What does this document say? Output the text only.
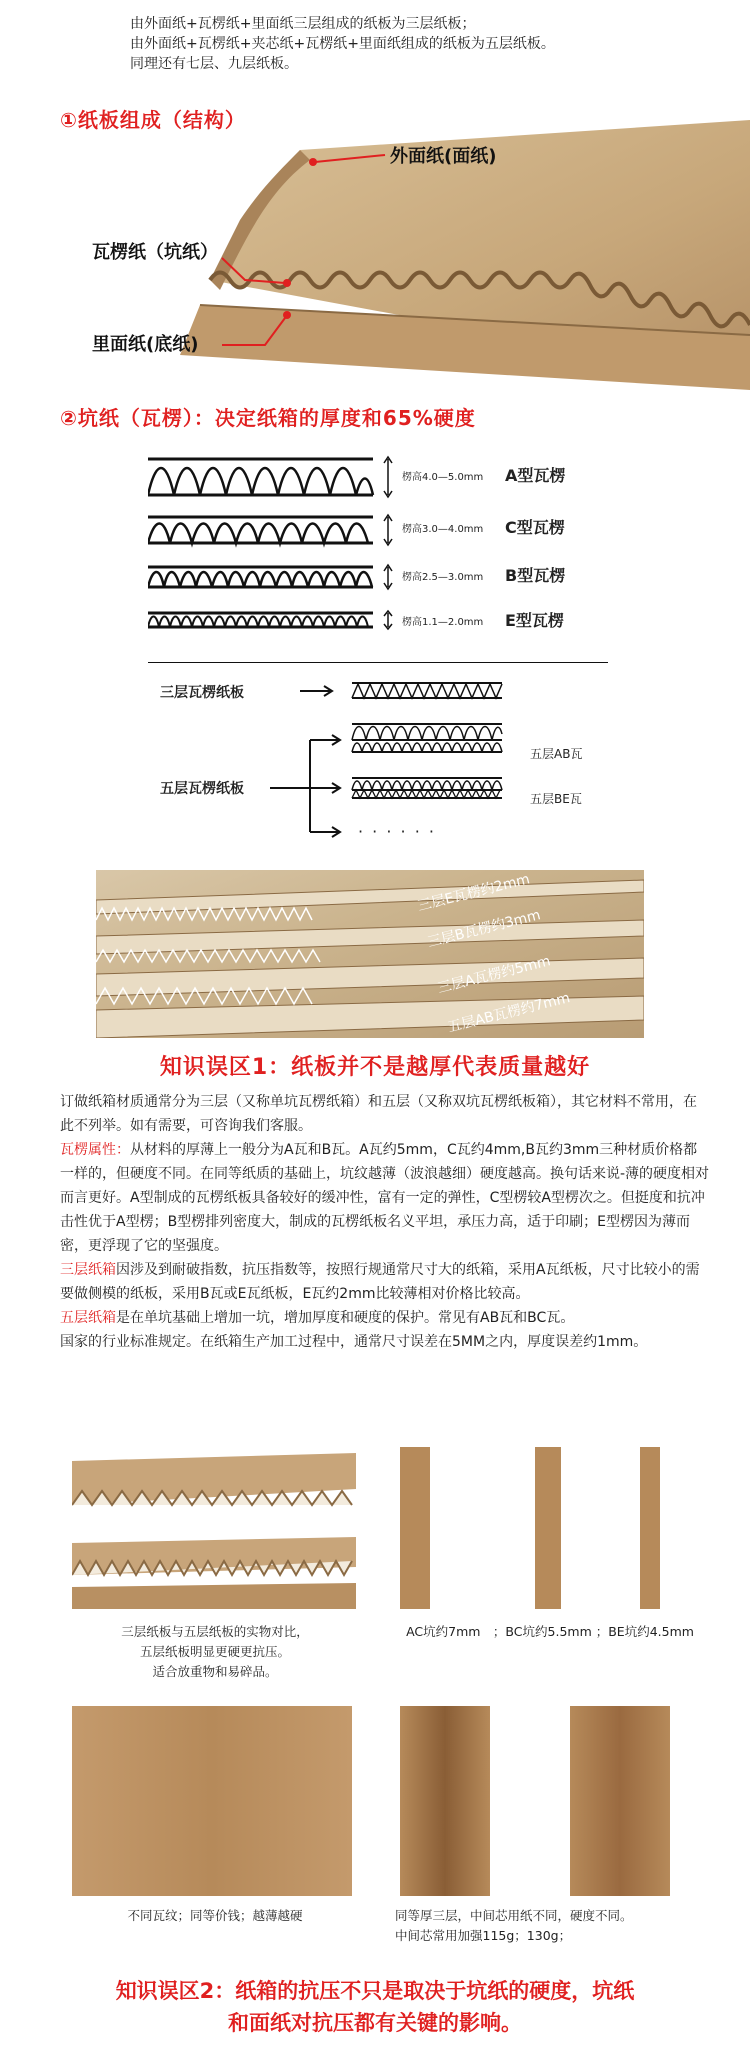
由外面纸+瓦楞纸+里面纸三层组成的纸板为三层纸板；
由外面纸+瓦楞纸+夹芯纸+瓦楞纸+里面纸组成的纸板为五层纸板。
同理还有七层、九层纸板。
①纸板组成（结构）
外面纸(面纸)
瓦楞纸（坑纸）
里面纸(底纸)
②坑纸（瓦楞）：决定纸箱的厚度和65%硬度
楞高4.0—5.0mm A型瓦楞
楞高3.0—4.0mm C型瓦楞
楞高2.5—3.0mm B型瓦楞
楞高1.1—2.0mm E型瓦楞
三层瓦楞纸板
五层瓦楞纸板
五层AB瓦
五层BE瓦
· · · · · ·
三层E瓦楞约2mm
三层B瓦楞约3mm
三层A瓦楞约5mm
五层AB瓦楞约7mm
知识误区1：纸板并不是越厚代表质量越好
订做纸箱材质通常分为三层（又称单坑瓦楞纸箱）和五层（又称双坑瓦楞纸板箱），其它材料不常用，在此不列举。如有需要，可咨询我们客服。
瓦楞属性：从材料的厚薄上一般分为A瓦和B瓦。A瓦约5mm，C瓦约4mm,B瓦约3mm三种材质价格都一样的，但硬度不同。在同等纸质的基础上，坑纹越薄（波浪越细）硬度越高。换句话来说-薄的硬度相对而言更好。A型制成的瓦楞纸板具备较好的缓冲性，富有一定的弹性，C型楞较A型楞次之。但挺度和抗冲击性优于A型楞；B型楞排列密度大，制成的瓦楞纸板名义平坦，承压力高，适于印刷；E型楞因为薄而密，更浮现了它的坚强度。
三层纸箱因涉及到耐破指数，抗压指数等，按照行规通常尺寸大的纸箱，采用A瓦纸板，尺寸比较小的需要做侧模的纸板，采用B瓦或E瓦纸板，E瓦约2mm比较薄相对价格比较高。
五层纸箱是在单坑基础上增加一坑，增加厚度和硬度的保护。常见有AB瓦和BC瓦。
国家的行业标准规定。在纸箱生产加工过程中，通常尺寸误差在5MM之内，厚度误差约1mm。
三层纸板与五层纸板的实物对比，
五层纸板明显更硬更抗压。
适合放重物和易碎品。
AC坑约7mm　；BC坑约5.5mm ；BE坑约4.5mm
不同瓦纹；同等价钱；越薄越硬	同等厚三层，中间芯用纸不同，硬度不同。
中间芯常用加强115g；130g；
知识误区2：纸箱的抗压不只是取决于坑纸的硬度，坑纸
和面纸对抗压都有关键的影响。
